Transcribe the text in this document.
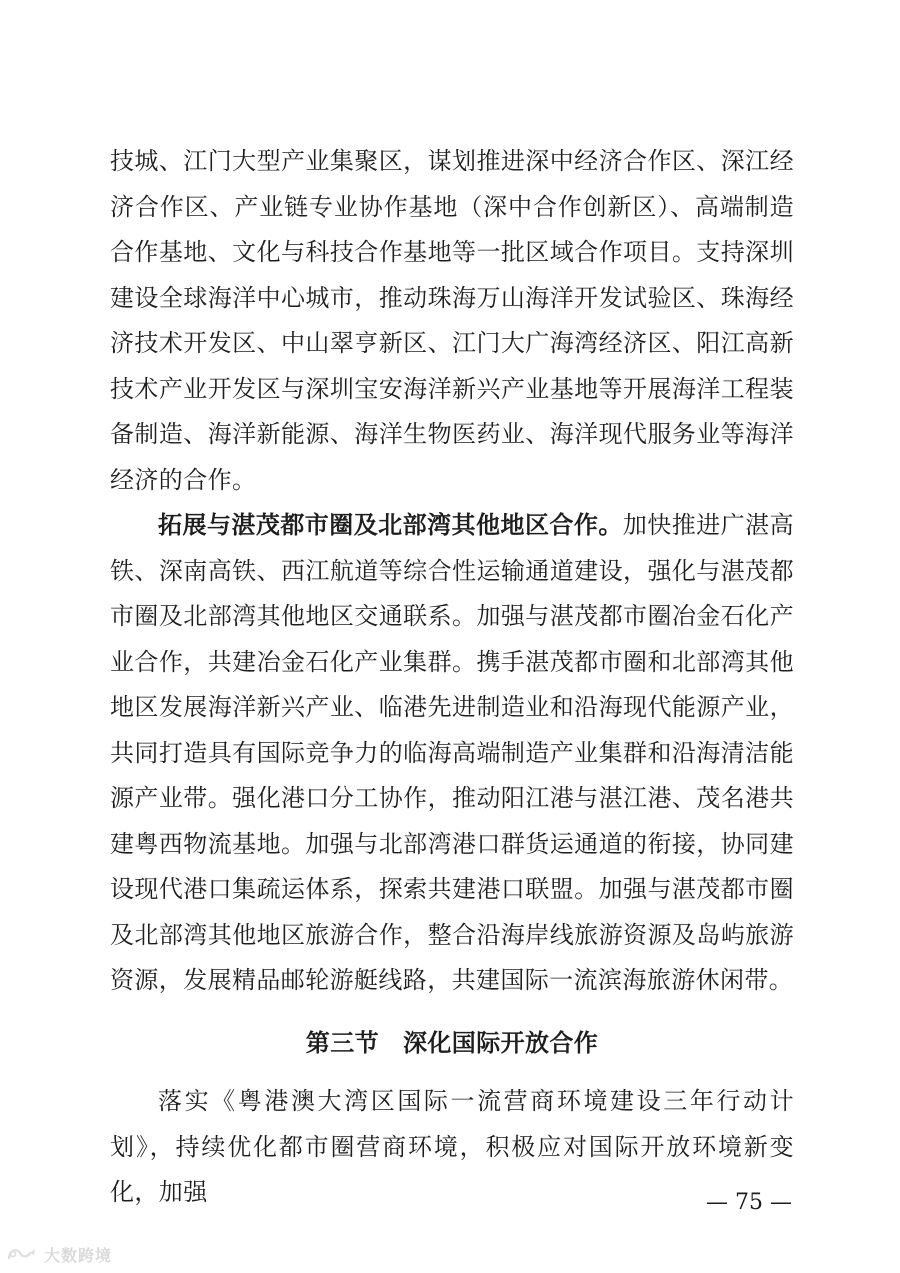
技城、江门大型产业集聚区，谋划推进深中经济合作区、深江经济合作区、产业链专业协作基地（深中合作创新区）、高端制造合作基地、文化与科技合作基地等一批区域合作项目。支持深圳建设全球海洋中心城市，推动珠海万山海洋开发试验区、珠海经济技术开发区、中山翠亨新区、江门大广海湾经济区、阳江高新技术产业开发区与深圳宝安海洋新兴产业基地等开展海洋工程装备制造、海洋新能源、海洋生物医药业、海洋现代服务业等海洋经济的合作。

拓展与湛茂都市圈及北部湾其他地区合作。加快推进广湛高铁、深南高铁、西江航道等综合性运输通道建设，强化与湛茂都市圈及北部湾其他地区交通联系。加强与湛茂都市圈冶金石化产业合作，共建冶金石化产业集群。携手湛茂都市圈和北部湾其他地区发展海洋新兴产业、临港先进制造业和沿海现代能源产业，共同打造具有国际竞争力的临海高端制造产业集群和沿海清洁能源产业带。强化港口分工协作，推动阳江港与湛江港、茂名港共建粤西物流基地。加强与北部湾港口群货运通道的衔接，协同建设现代港口集疏运体系，探索共建港口联盟。加强与湛茂都市圈及北部湾其他地区旅游合作，整合沿海岸线旅游资源及岛屿旅游资源，发展精品邮轮游艇线路，共建国际一流滨海旅游休闲带。

第三节 深化国际开放合作

落实《粤港澳大湾区国际一流营商环境建设三年行动计划》，持续优化都市圈营商环境，积极应对国际开放环境新变化，加强	— 75 —
大数跨境
